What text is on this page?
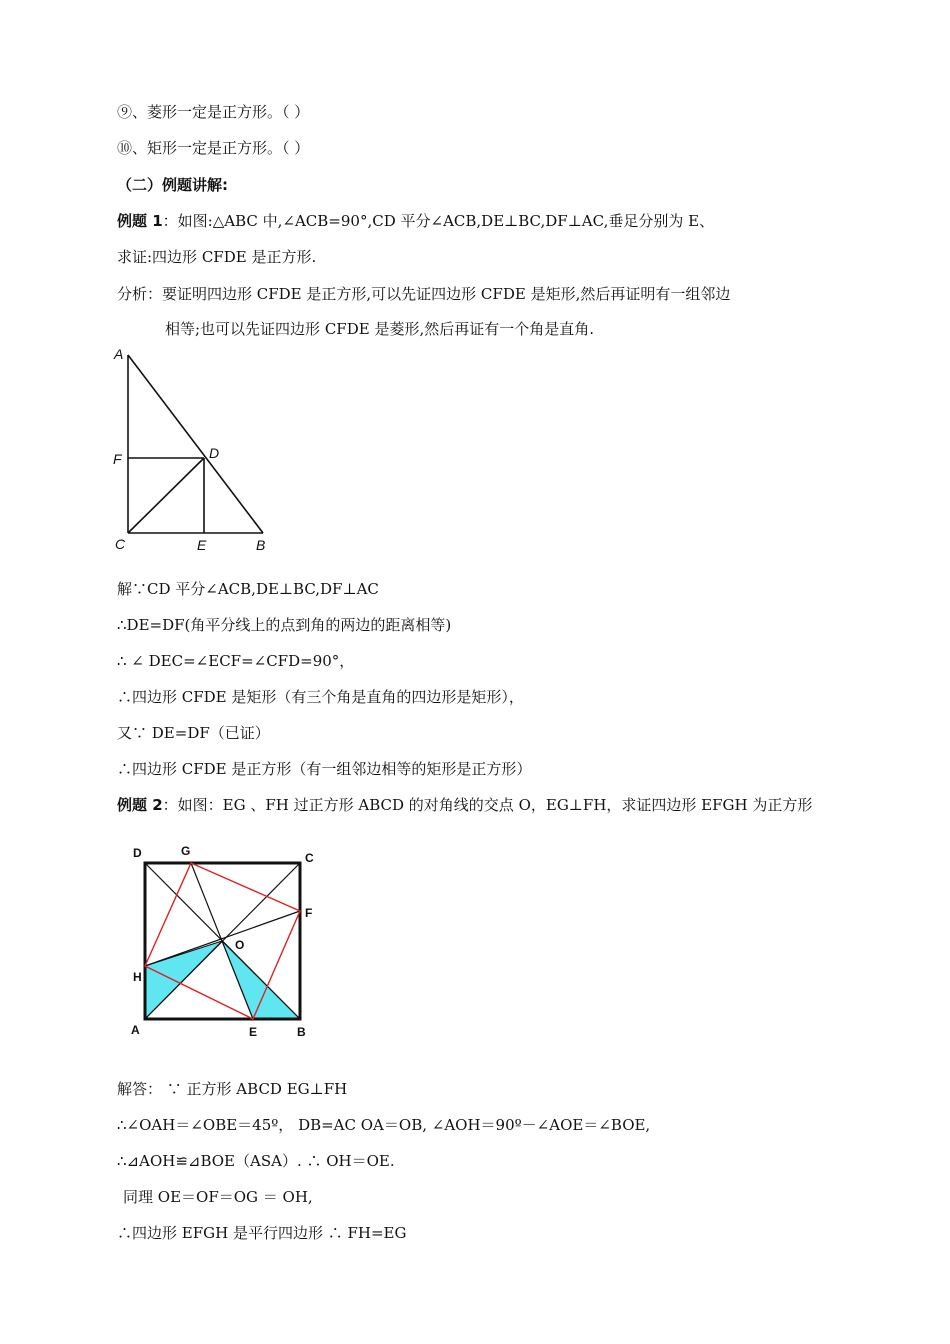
⑨、菱形一定是正方形。（ ）
⑩、矩形一定是正方形。（ ）
（二）例题讲解:
例题 1：如图:△ABC 中,∠ACB=90°,CD 平分∠ACB,DE⊥BC,DF⊥AC,垂足分别为 E、
求证:四边形 CFDE 是正方形.
分析：要证明四边形 CFDE 是正方形,可以先证四边形 CFDE 是矩形,然后再证明有一组邻边
相等;也可以先证四边形 CFDE 是菱形,然后再证有一个角是直角.
A
F	D
C	E	B
解∵CD 平分∠ACB,DE⊥BC,DF⊥AC
∴DE=DF(角平分线上的点到角的两边的距离相等)
∴ ∠ DEC=∠ECF=∠CFD=90°，
∴四边形 CFDE 是矩形（有三个角是直角的四边形是矩形），
又∵ DE=DF（已证）
∴四边形 CFDE 是正方形（有一组邻边相等的矩形是正方形）
例题 2：如图：EG 、FH 过正方形 ABCD 的对角线的交点 O，EG⊥FH，求证四边形 EFGH 为正方形
D	G	C
F
O
H
A	E	B
解答： ∵ 正方形 ABCD EG⊥FH
∴∠OAH＝∠OBE＝45º， DB=AC OA＝OB, ∠AOH＝90º－∠AOE＝∠BOE,
∴⊿AOH≌⊿BOE（ASA）. ∴ OH＝OE.
同理 OE＝OF＝OG ＝ OH,
∴四边形 EFGH 是平行四边形 ∴ FH=EG
